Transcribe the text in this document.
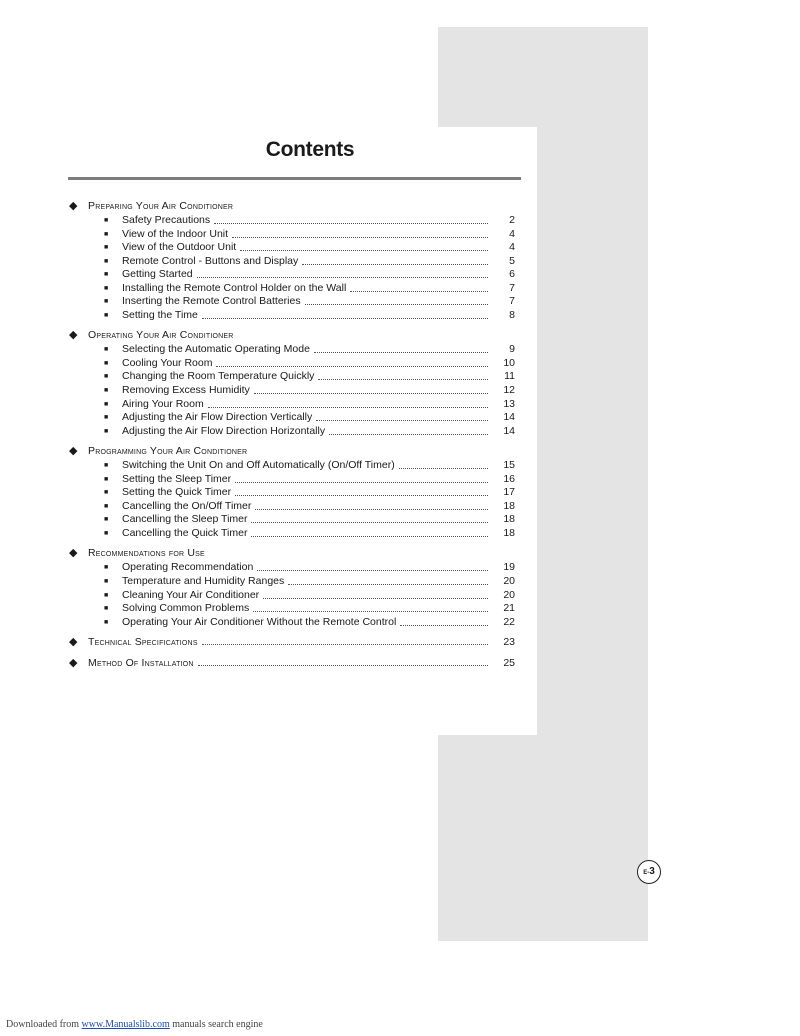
Contents
◆ Preparing Your Air Conditioner
■ Safety Precautions	2
■ View of the Indoor Unit	4
■ View of the Outdoor Unit	4
■ Remote Control - Buttons and Display	5
■ Getting Started	6
■ Installing the Remote Control Holder on the Wall	7
■ Inserting the Remote Control Batteries	7
■ Setting the Time	8
◆ Operating Your Air Conditioner
■ Selecting the Automatic Operating Mode	9
■ Cooling Your Room	10
■ Changing the Room Temperature Quickly	11
■ Removing Excess Humidity	12
■ Airing Your Room	13
■ Adjusting the Air Flow Direction Vertically	14
■ Adjusting the Air Flow Direction Horizontally	14
◆ Programming Your Air Conditioner
■ Switching the Unit On and Off Automatically (On/Off Timer)	15
■ Setting the Sleep Timer	16
■ Setting the Quick Timer	17
■ Cancelling the On/Off Timer	18
■ Cancelling the Sleep Timer	18
■ Cancelling the Quick Timer	18
◆ Recommendations for Use
■ Operating Recommendation	19
■ Temperature and Humidity Ranges	20
■ Cleaning Your Air Conditioner	20
■ Solving Common Problems	21
■ Operating Your Air Conditioner Without the Remote Control	22
◆ Technical Specifications	23
◆ Method Of Installation	25
E-3
Downloaded from www.Manualslib.com manuals search engine
